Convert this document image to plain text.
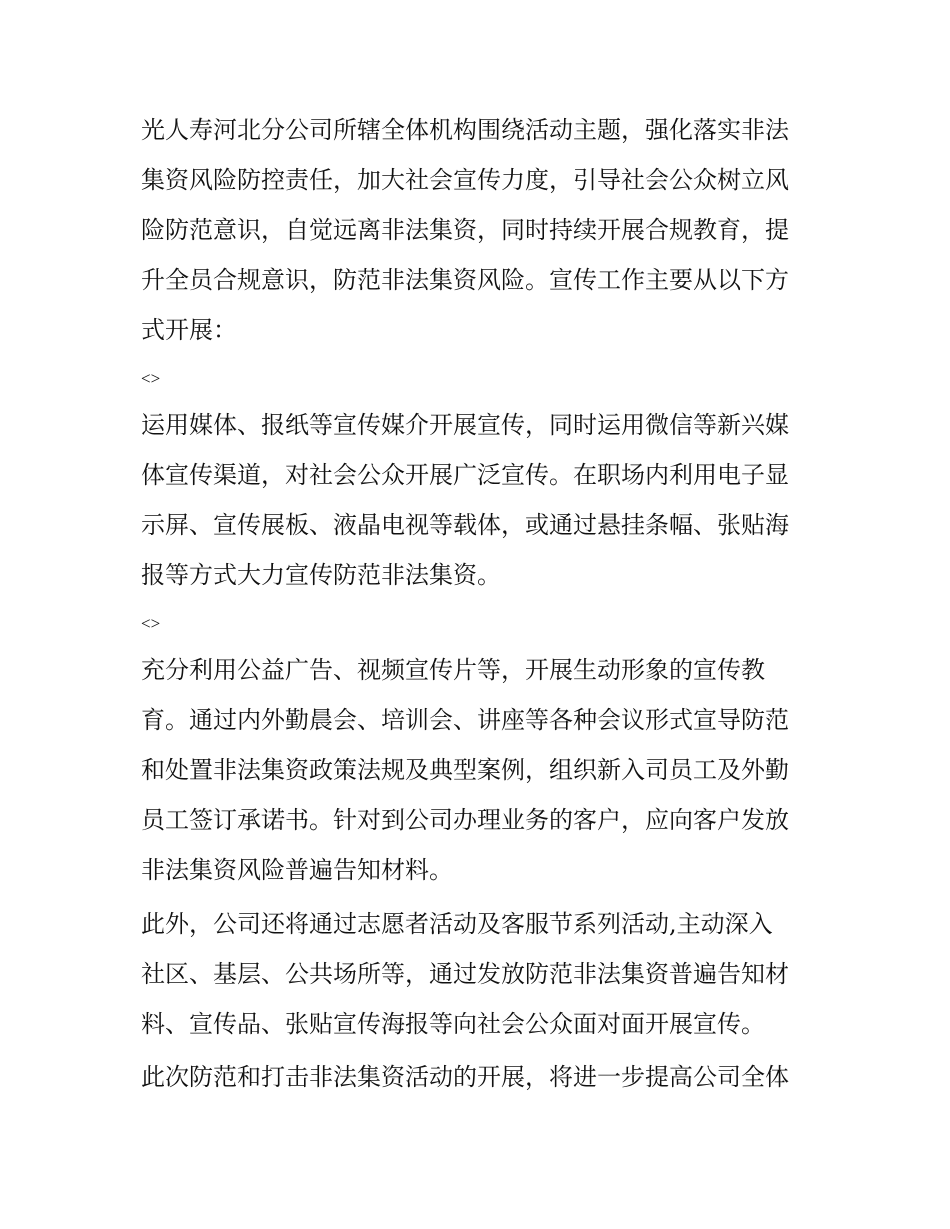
光人寿河北分公司所辖全体机构围绕活动主题，强化落实非法
集资风险防控责任，加大社会宣传力度，引导社会公众树立风
险防范意识，自觉远离非法集资，同时持续开展合规教育，提
升全员合规意识，防范非法集资风险。宣传工作主要从以下方
式开展：
<>
运用媒体、报纸等宣传媒介开展宣传，同时运用微信等新兴媒
体宣传渠道，对社会公众开展广泛宣传。在职场内利用电子显
示屏、宣传展板、液晶电视等载体，或通过悬挂条幅、张贴海
报等方式大力宣传防范非法集资。
<>
充分利用公益广告、视频宣传片等，开展生动形象的宣传教
育。通过内外勤晨会、培训会、讲座等各种会议形式宣导防范
和处置非法集资政策法规及典型案例，组织新入司员工及外勤
员工签订承诺书。针对到公司办理业务的客户，应向客户发放
非法集资风险普遍告知材料。
此外，公司还将通过志愿者活动及客服节系列活动,主动深入
社区、基层、公共场所等，通过发放防范非法集资普遍告知材
料、宣传品、张贴宣传海报等向社会公众面对面开展宣传。
此次防范和打击非法集资活动的开展，将进一步提高公司全体
